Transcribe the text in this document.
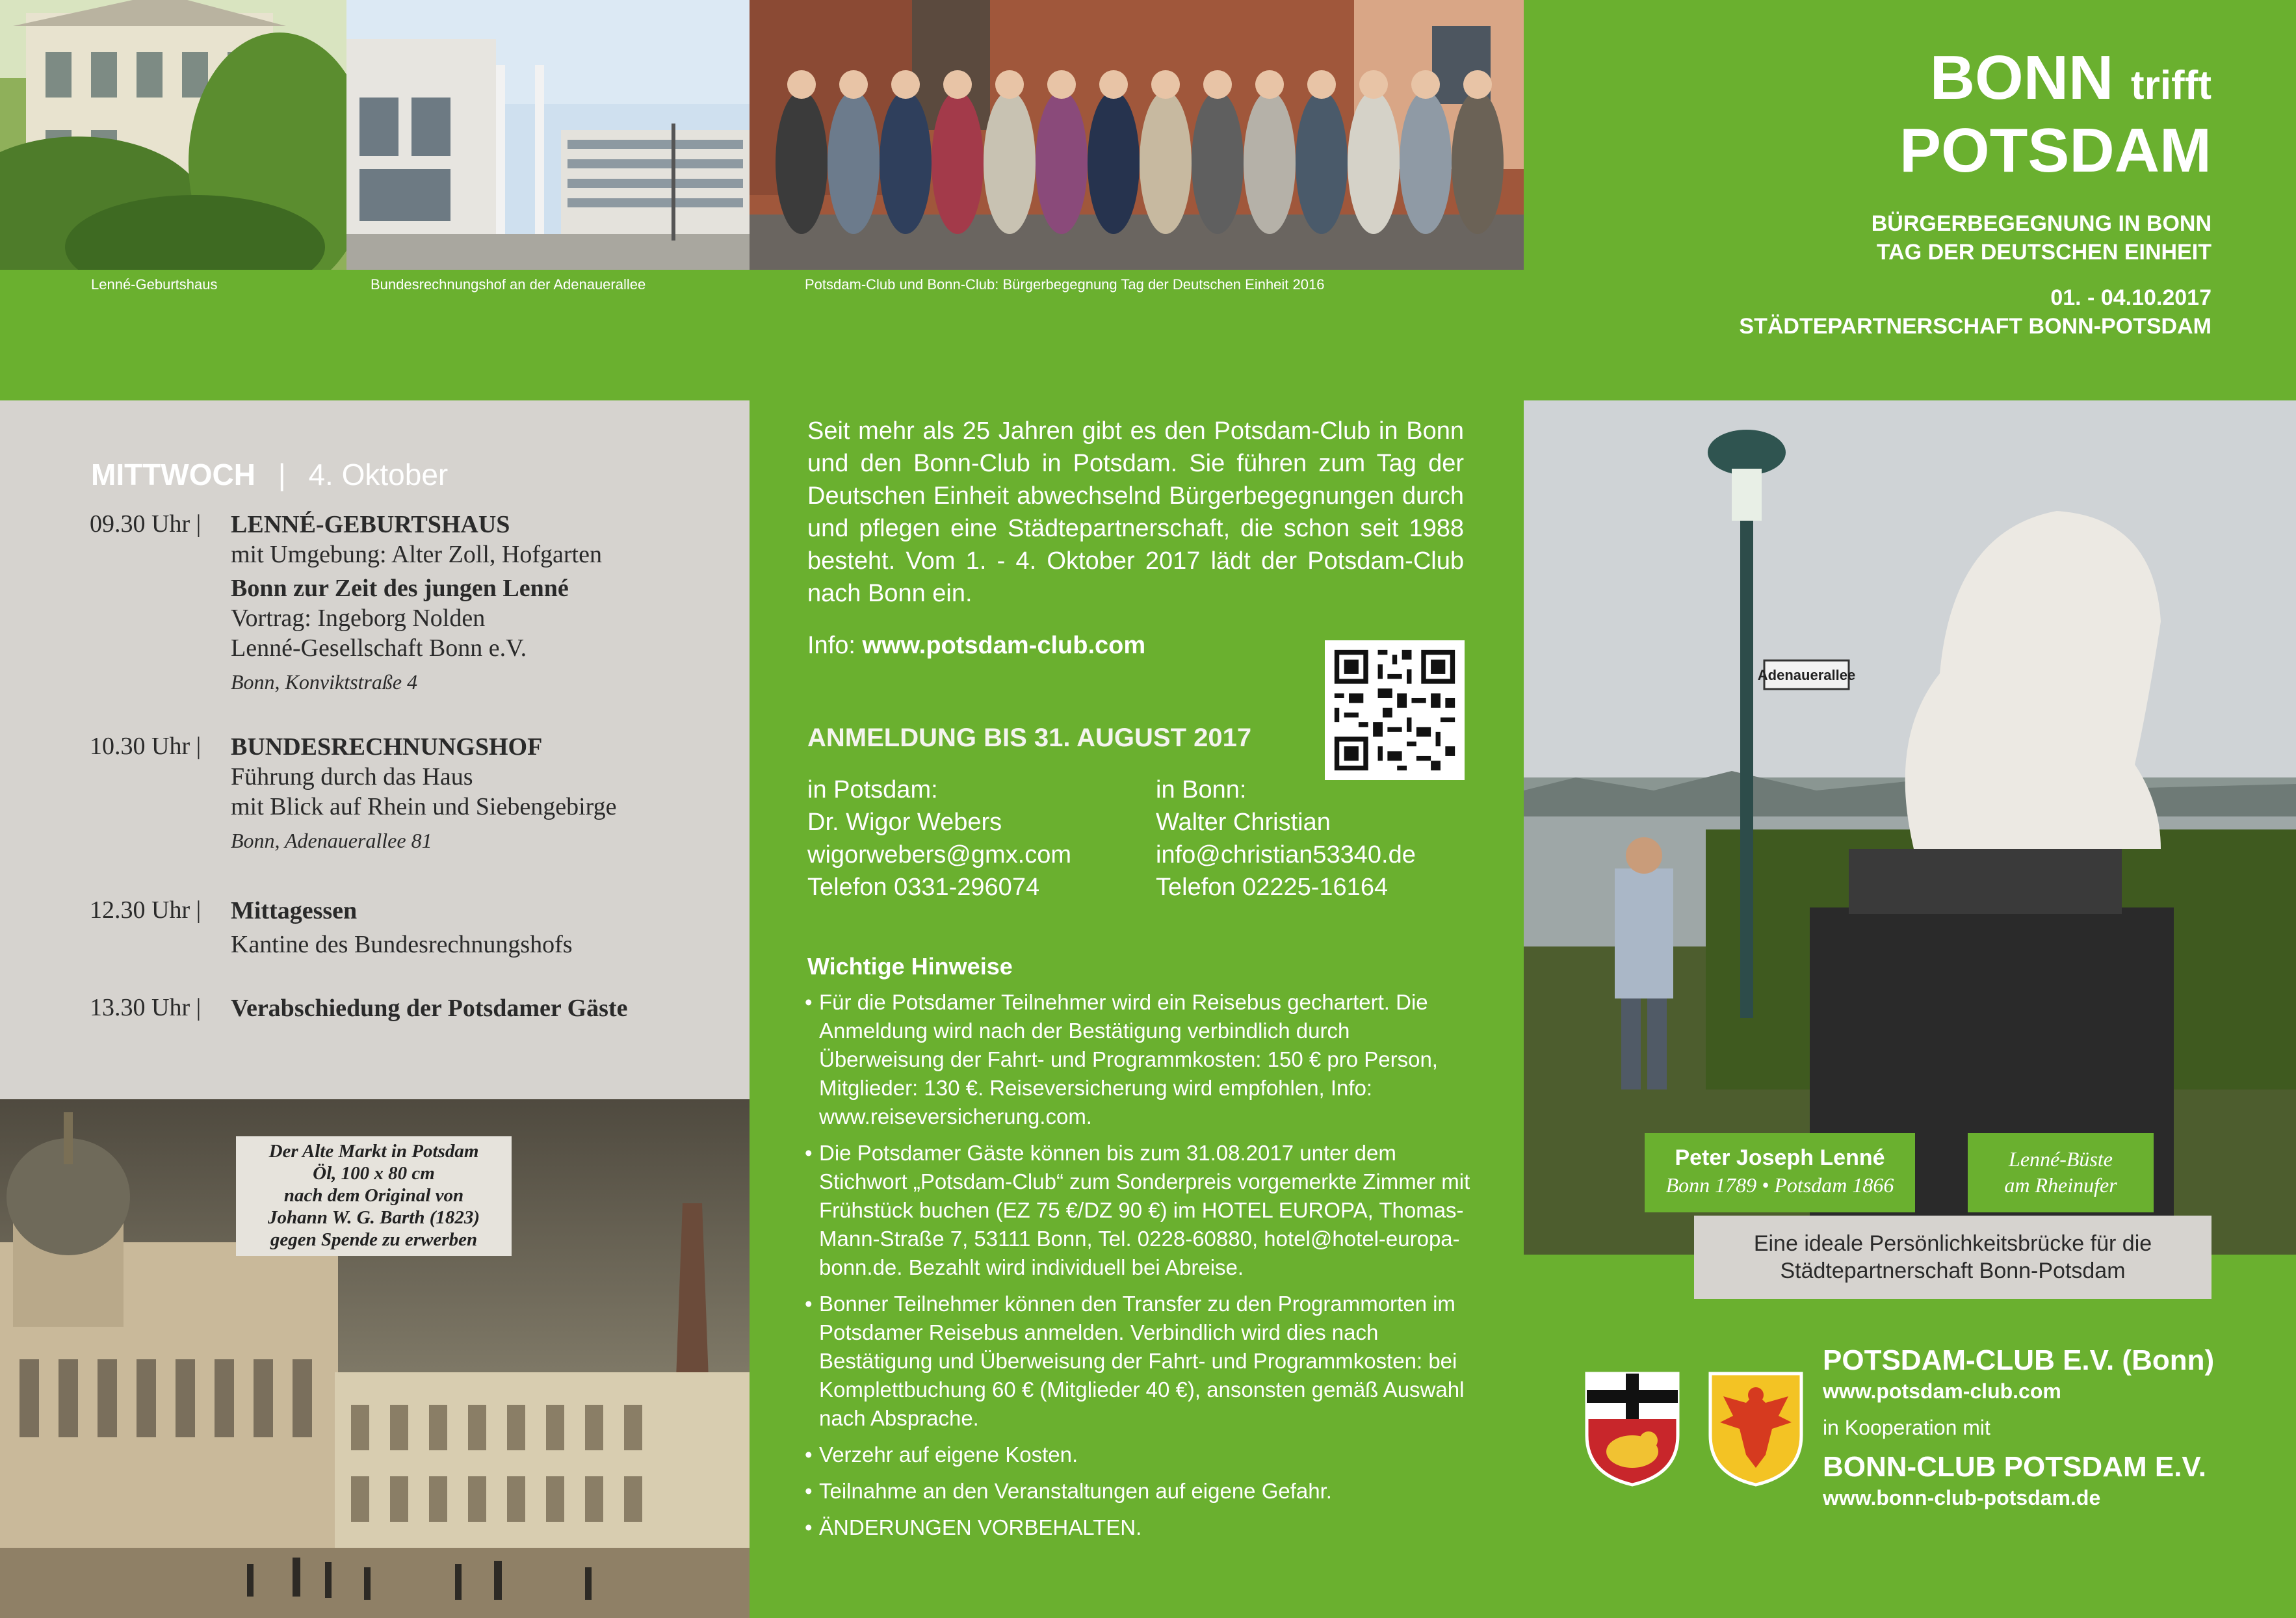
Lenné-Geburtshaus	Bundesrechnungshof an der Adenauerallee	Potsdam-Club und Bonn-Club: Bürgerbegegnung Tag der Deutschen Einheit 2016
BONN trifft
POTSDAM
BÜRGERBEGEGNUNG IN BONN
TAG DER DEUTSCHEN EINHEIT
01. - 04.10.2017
STÄDTEPARTNERSCHAFT BONN-POTSDAM
MITTWOCH | 4. Oktober
09.30 Uhr | LENNÉ-GEBURTSHAUS
mit Umgebung: Alter Zoll, Hofgarten
Bonn zur Zeit des jungen Lenné
Vortrag: Ingeborg Nolden
Lenné-Gesellschaft Bonn e.V.
Bonn, Konviktstraße 4
10.30 Uhr | BUNDESRECHNUNGSHOF
Führung durch das Haus
mit Blick auf Rhein und Siebengebirge
Bonn, Adenauerallee 81
12.30 Uhr | Mittagessen
Kantine des Bundesrechnungshofs
13.30 Uhr | Verabschiedung der Potsdamer Gäste
Der Alte Markt in Potsdam
Öl, 100 x 80 cm
nach dem Original von
Johann W. G. Barth (1823)
gegen Spende zu erwerben
Seit mehr als 25 Jahren gibt es den Potsdam-Club in Bonn und den Bonn-Club in Potsdam. Sie führen zum Tag der Deutschen Einheit abwechselnd Bürgerbegegnungen durch und pflegen eine Städtepartnerschaft, die schon seit 1988 besteht. Vom 1. - 4. Oktober 2017 lädt der Potsdam-Club nach Bonn ein.
Info: www.potsdam-club.com
ANMELDUNG BIS 31. AUGUST 2017
in Potsdam:
Dr. Wigor Webers
wigorwebers@gmx.com
Telefon 0331-296074
in Bonn:
Walter Christian
info@christian53340.de
Telefon 02225-16164
Wichtige Hinweise
• Für die Potsdamer Teilnehmer wird ein Reisebus gechartert. Die Anmeldung wird nach der Bestätigung verbindlich durch Überweisung der Fahrt- und Programmkosten: 150 € pro Person, Mitglieder: 130 €. Reiseversicherung wird empfohlen, Info: www.reiseversicherung.com.
• Die Potsdamer Gäste können bis zum 31.08.2017 unter dem Stichwort „Potsdam-Club“ zum Sonderpreis vorgemerkte Zimmer mit Frühstück buchen (EZ 75 €/DZ 90 €) im HOTEL EUROPA, Thomas-Mann-Straße 7, 53111 Bonn, Tel. 0228-60880, hotel@hotel-europa-bonn.de. Bezahlt wird individuell bei Abreise.
• Bonner Teilnehmer können den Transfer zu den Programmorten im Potsdamer Reisebus anmelden. Verbindlich wird dies nach Bestätigung und Überweisung der Fahrt- und Programmkosten: bei Komplettbuchung 60 € (Mitglieder 40 €), ansonsten gemäß Auswahl nach Absprache.
• Verzehr auf eigene Kosten.
• Teilnahme an den Veranstaltungen auf eigene Gefahr.
• ÄNDERUNGEN VORBEHALTEN.
Adenauerallee
Peter Joseph Lenné
Bonn 1789 • Potsdam 1866
Lenné-Büste
am Rheinufer
Eine ideale Persönlichkeitsbrücke für die
Städtepartnerschaft Bonn-Potsdam
POTSDAM-CLUB E.V. (Bonn)
www.potsdam-club.com
in Kooperation mit
BONN-CLUB POTSDAM E.V.
www.bonn-club-potsdam.de
